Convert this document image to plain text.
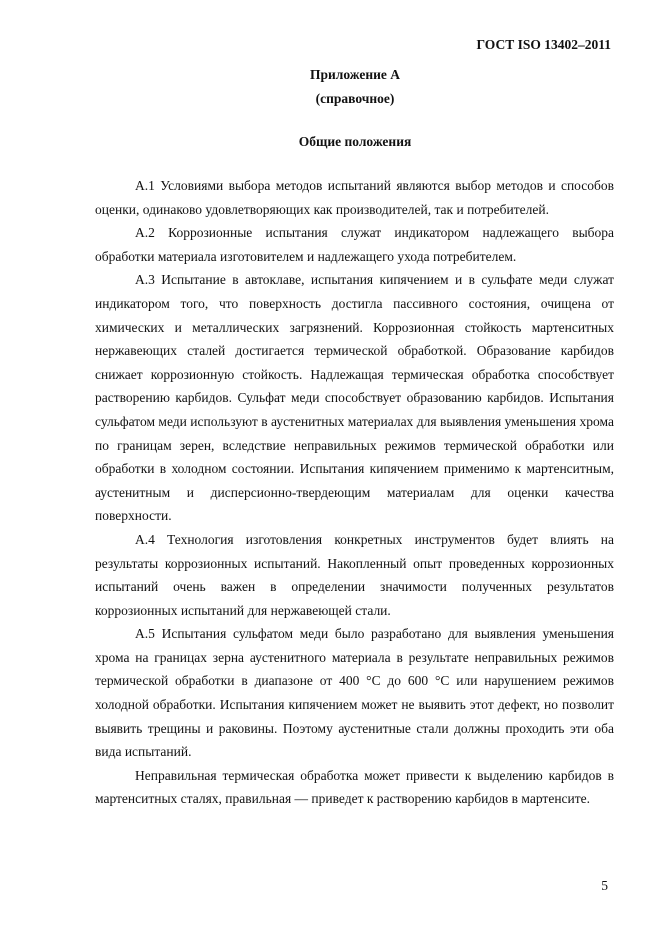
ГОСТ ISO 13402–2011
Приложение А
(справочное)
Общие положения

А.1 Условиями выбора методов испытаний являются выбор методов и способов оценки, одинаково удовлетворяющих как производителей, так и потребителей.

А.2 Коррозионные испытания служат индикатором надлежащего выбора обработки материала изготовителем и надлежащего ухода потребителем.

А.3 Испытание в автоклаве, испытания кипячением и в сульфате меди служат индикатором того, что поверхность достигла пассивного состояния, очищена от химических и металлических загрязнений. Коррозионная стойкость мартенситных нержавеющих сталей достигается термической обработкой. Образование карбидов снижает коррозионную стойкость. Надлежащая термическая обработка способствует растворению карбидов. Сульфат меди способствует образованию карбидов. Испытания сульфатом меди используют в аустенитных материалах для выявления уменьшения хрома по границам зерен, вследствие неправильных режимов термической обработки или обработки в холодном состоянии. Испытания кипячением применимо к мартенситным, аустенитным и дисперсионно-твердеющим материалам для оценки качества поверхности.

А.4 Технология изготовления конкретных инструментов будет влиять на результаты коррозионных испытаний. Накопленный опыт проведенных коррозионных испытаний очень важен в определении значимости полученных результатов коррозионных испытаний для нержавеющей стали.

А.5 Испытания сульфатом меди было разработано для выявления уменьшения хрома на границах зерна аустенитного материала в результате неправильных режимов термической обработки в диапазоне от 400 °С до 600 °С или нарушением режимов холодной обработки. Испытания кипячением может не выявить этот дефект, но позволит выявить трещины и раковины. Поэтому аустенитные стали должны проходить эти оба вида испытаний.

Неправильная термическая обработка может привести к выделению карбидов в мартенситных сталях, правильная — приведет к растворению карбидов в мартенсите.

5
